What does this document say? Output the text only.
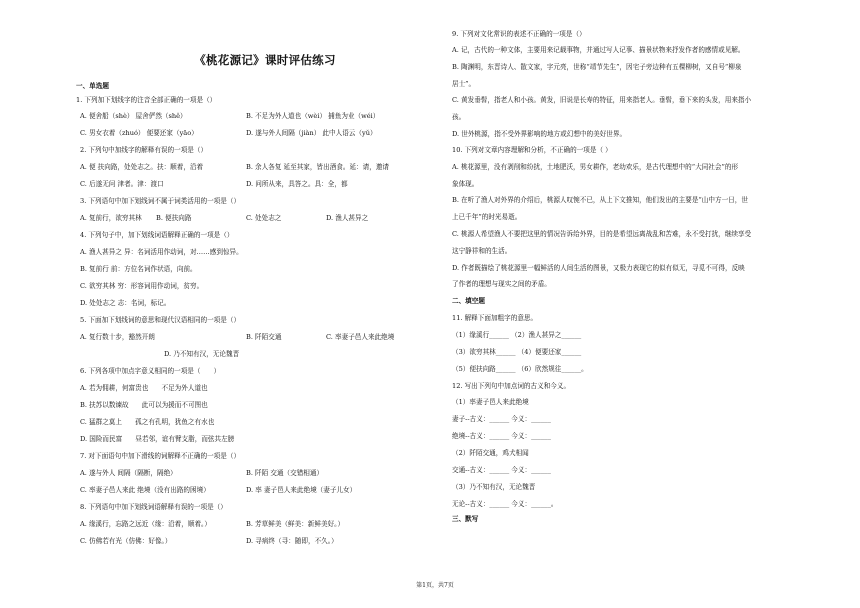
《桃花源记》课时评估练习
一、单选题
1. 下列加下划线字的注音全部正确的一项是（）
A. 便舍船（shè） 屋舍俨然（shě）	B. 不足为外人道也（wèi） 捕鱼为业（wéi）
C. 男女衣着（zhuó） 便要还家（yāo）	D. 遂与外人间隔（jiàn） 此中人语云（yǔ）
2. 下列句中加线字的解释有误的一项是（）
A. 便 扶向路，处处志之。扶：顺着，沿着	B. 余人各复 延至其家，皆出酒食。延：请，邀请
C. 后遂无问 津者。津：渡口	D. 问所从来，具答之。具：全，都
3. 下列语句中加下划线词不属于词类活用的一项是（）
A. 复前行，欲穷其林 B. 便扶向路	C. 处处志之	D. 渔人甚异之
4. 下列句子中，加下划线词语解释正确的一项是（）
A. 渔人甚异之 异：名词活用作动词，对……感到惊异。
B. 复前行 前：方位名词作状语，向前。
C. 欲穷其林 穷：形容词用作动词，贫穷。
D. 处处志之 志：名词，标记。
5. 下面加下划线词的意思和现代汉语相同的一项是（）
A. 复行数十步，豁然开朗	B. 阡陌交通	C. 率妻子邑人来此绝境
D. 乃不知有汉，无论魏晋
6. 下列各项中加点字意义相同的一项是（　　）
A. 若为佣耕，何富贵也　　不足为外人道也
B. 扶苏以数谏故　　此可以为援而不可图也
C. 猛群之莫上　　孤之有孔明，犹鱼之有水也
D. 国险而民富　　昼若邻，谊有臂支脂，而弦共左膀
7. 对下面语句中加下滑线的词解释不正确的一项是（）
A. 遂与外人 间隔（隔断，隔绝）	B. 阡陌 交通（交错相通）
C. 率妻子邑人来此 绝境（没有出路的困境）	D. 率 妻子邑人来此绝境（妻子儿女）
8. 下列语句中加下划线词语解释有误的一项是（）
A. 缘溪行，忘路之远近（缘：沿着，顺着。）	B. 芳草鲜美（鲜美：新鲜美好。）
C. 仿佛若有光（仿佛：好像。）	D. 寻病终（寻：随即，不久。）
9. 下列对文化常识的表述不正确的一项是（）
A. 记，古代的一种文体，主要用来记载事物，并通过写人记事、描景状物来抒发作者的感情或见解。
B. 陶渊明，东晋诗人、散文家，字元亮，世称“靖节先生”，因宅子旁边种有五棵柳树，又自号“柳泉
居士”。
C. 黄发垂髫，指老人和小孩。黄发，旧说是长寿的特征，用来指老人。垂髫，垂下来的头发，用来指小
孩。
D. 世外桃源，指不受外界影响的地方或幻想中的美好世界。
10. 下列对文章内容理解和分析，不正确的一项是（ ）
A. 桃花源里，没有剥削和纷扰，土地肥沃，男女耕作，老幼欢乐，是古代理想中的“大同社会”的形
象体现。
B. 在听了渔人对外界的介绍后，桃源人叹惋不已，从上下文推知，他们发出的主要是“山中方一日，世
上已千年”的时光易逝。
C. 桃源人希望渔人不要把这里的情况告诉给外界，目的是希望远离战乱和苦难，永不受打扰，继续享受
这宁静祥和的生活。
D. 作者既描绘了桃花源里一幅鲜活的人间生活的图景，又极力表现它的似有似无，寻觅不可得，反映
了作者的理想与现实之间的矛盾。
二、填空题
11. 解释下面加粗字的意思。
（1）缘溪行______ （2）渔人甚异之______
（3）欲穷其林______ （4）便要还家______
（5）便扶向路______ （6）欣然规往______。
12. 写出下列句中加点词的古义和今义。
（1）率妻子邑人来此绝境
妻子--古义：______ 今义：______
绝境--古义：______ 今义：______
（2）阡陌交通，鸡犬相闻
交通--古义：______ 今义：______
（3）乃不知有汉，无论魏晋
无论--古义：______ 今义：______。
三、默写
第1页，共7页
